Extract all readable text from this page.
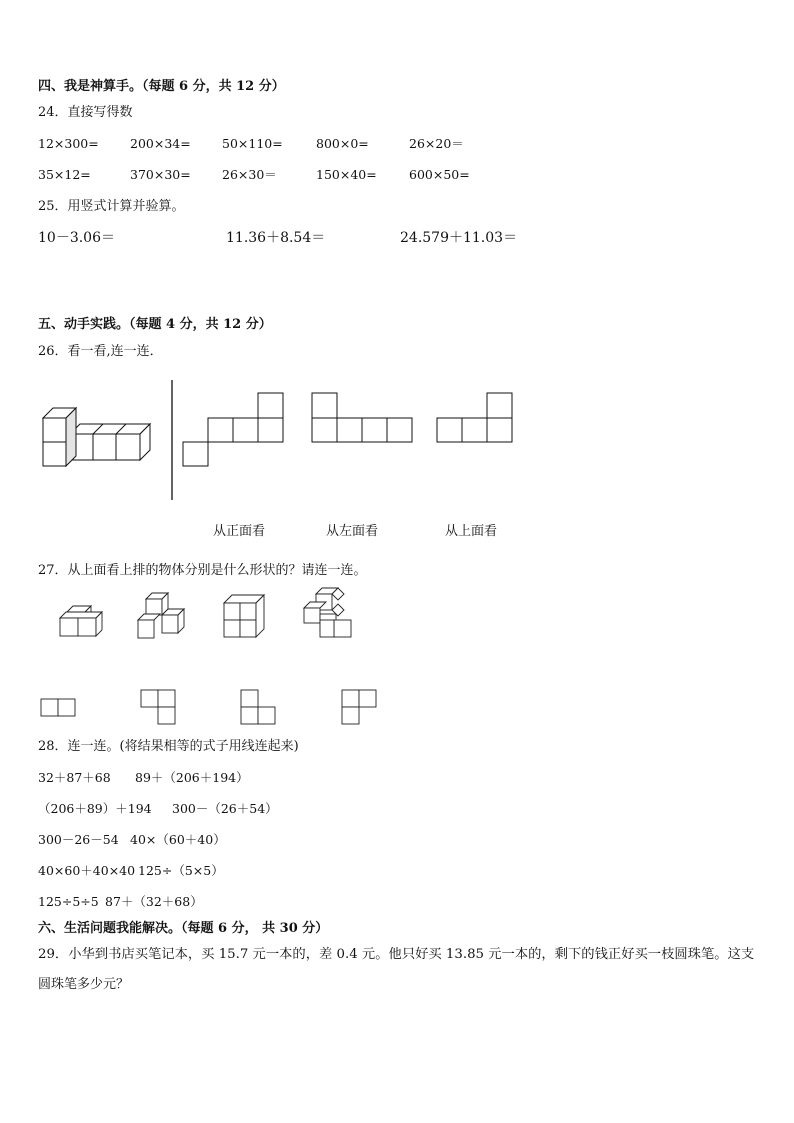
四、我是神算手。（每题 6 分，共 12 分）
24．直接写得数
12×300=	200×34=	50×110=	800×0=	26×20＝
35×12=	370×30=	26×30＝	150×40=	600×50=
25．用竖式计算并验算。
10－3.06＝	11.36＋8.54＝	24.579＋11.03＝
五、动手实践。（每题 4 分，共 12 分）
26．看一看,连一连．
从正面看	从左面看	从上面看
27．从上面看上排的物体分别是什么形状的？请连一连。
28．连一连。(将结果相等的式子用线连起来)
32＋87＋68 89＋（206＋194）
（206＋89）＋194 300－（26＋54）
300－26－54 40×（60＋40）
40×60＋40×40 125÷（5×5）
125÷5÷5 87＋（32＋68）
六、生活问题我能解决。（每题 6 分， 共 30 分）
29．小华到书店买笔记本，买 15.7 元一本的，差 0.4 元。他只好买 13.85 元一本的，剩下的钱正好买一枝圆珠笔。这支
圆珠笔多少元？
